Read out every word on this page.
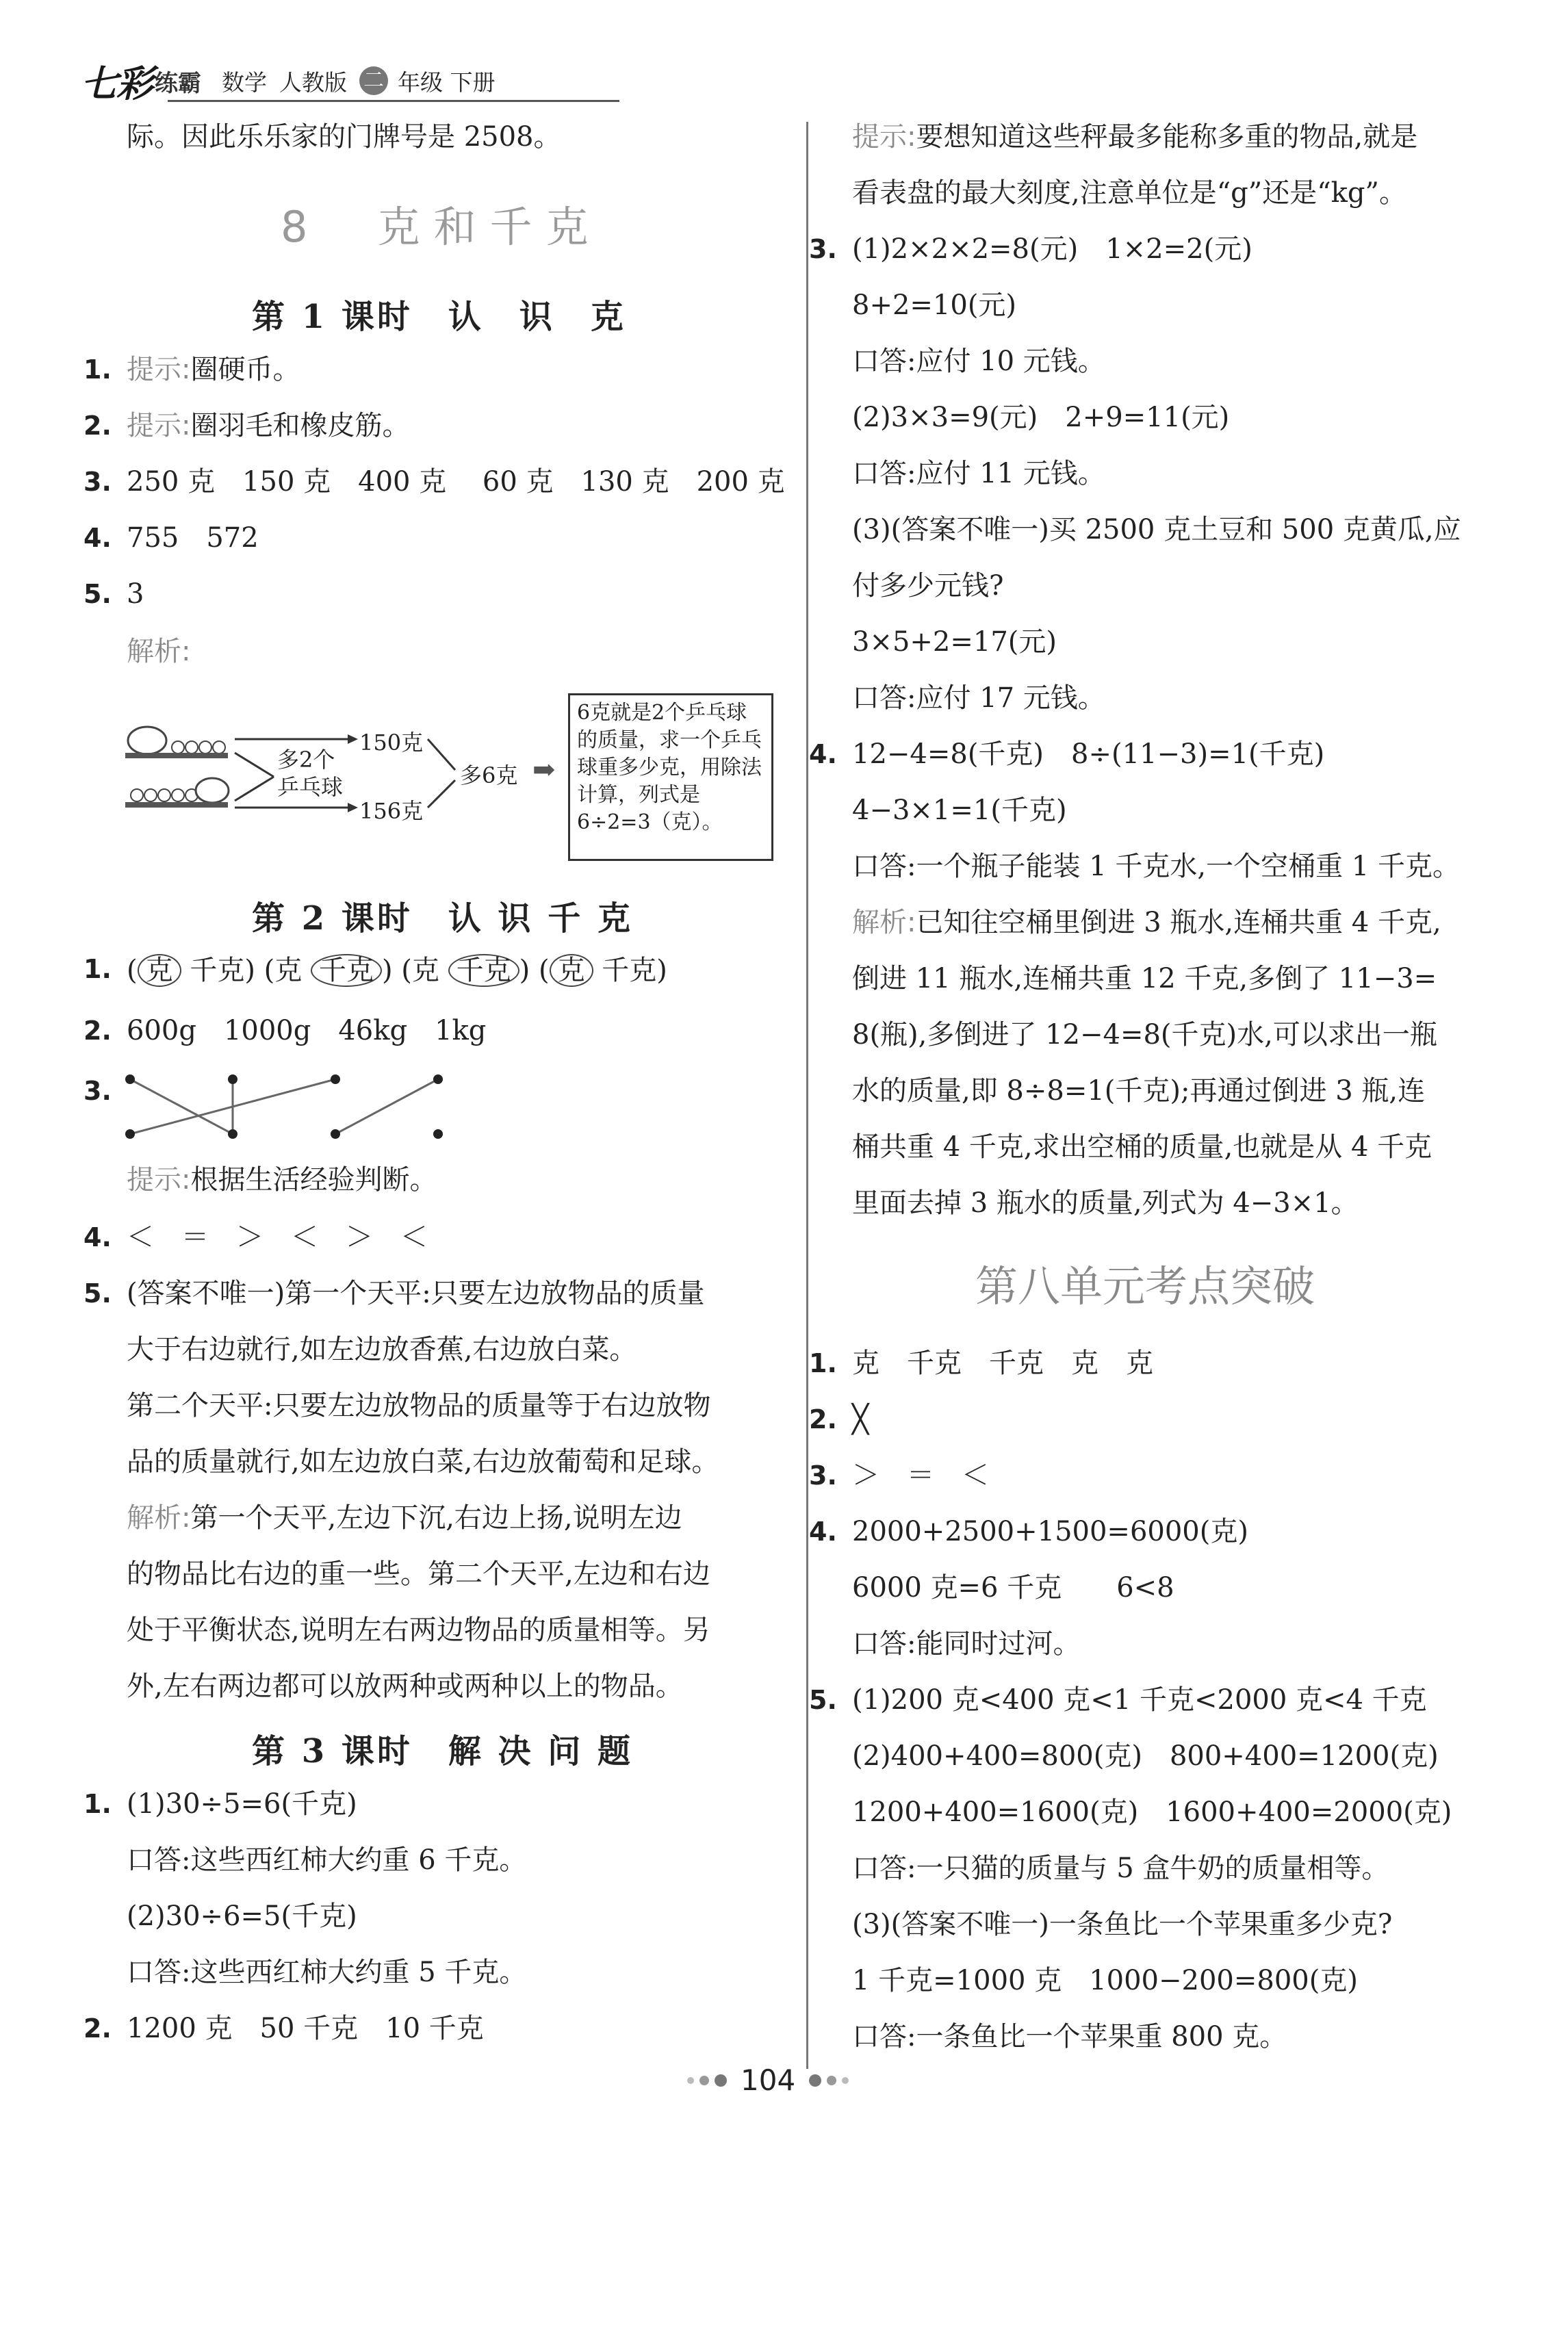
七彩 练霸 数学 人教版 二 年级 下册
际。因此乐乐家的门牌号是 2508。
8　克和千克
第 1 课时　认　识　克
1. 提示:圈硬币。
2. 提示:圈羽毛和橡皮筋。
3. 250 克　150 克　400 克　 60 克　130 克　200 克
4. 755　572
5. 3
解析:
150克
156克
多2个
乒乓球	多6克 ➡
6克就是2个乒乓球的质量，求一个乒乓球重多少克，用除法计算，列式是6÷2=3（克）。
第 2 课时　认 识 千 克
1. ( 克 千克) (克 千克 ) (克 千克 ) ( 克 千克)
2. 600g　1000g　46kg　1kg
3.
提示:根据生活经验判断。
4. ＜　＝　＞　＜　＞　＜
5. (答案不唯一)第一个天平:只要左边放物品的质量
大于右边就行,如左边放香蕉,右边放白菜。
第二个天平:只要左边放物品的质量等于右边放物
品的质量就行,如左边放白菜,右边放葡萄和足球。
解析:第一个天平,左边下沉,右边上扬,说明左边
的物品比右边的重一些。第二个天平,左边和右边
处于平衡状态,说明左右两边物品的质量相等。另
外,左右两边都可以放两种或两种以上的物品。
第 3 课时　解 决 问 题
1. (1)30÷5=6(千克)
口答:这些西红柿大约重 6 千克。
(2)30÷6=5(千克)
口答:这些西红柿大约重 5 千克。
2. 1200 克　50 千克　10 千克
提示:要想知道这些秤最多能称多重的物品,就是
看表盘的最大刻度,注意单位是“g”还是“kg”。
3. (1)2×2×2=8(元)　1×2=2(元)
8+2=10(元)
口答:应付 10 元钱。
(2)3×3=9(元)　2+9=11(元)
口答:应付 11 元钱。
(3)(答案不唯一)买 2500 克土豆和 500 克黄瓜,应
付多少元钱?
3×5+2=17(元)
口答:应付 17 元钱。
4. 12−4=8(千克)　8÷(11−3)=1(千克)
4−3×1=1(千克)
口答:一个瓶子能装 1 千克水,一个空桶重 1 千克。
解析:已知往空桶里倒进 3 瓶水,连桶共重 4 千克,
倒进 11 瓶水,连桶共重 12 千克,多倒了 11−3=
8(瓶),多倒进了 12−4=8(千克)水,可以求出一瓶
水的质量,即 8÷8=1(千克);再通过倒进 3 瓶,连
桶共重 4 千克,求出空桶的质量,也就是从 4 千克
里面去掉 3 瓶水的质量,列式为 4−3×1。
第八单元考点突破
1. 克　千克　千克　克　克
2. ╳
3. ＞　＝　＜
4. 2000+2500+1500=6000(克)
6000 克=6 千克　　6<8
口答:能同时过河。
5. (1)200 克<400 克<1 千克<2000 克<4 千克
(2)400+400=800(克)　800+400=1200(克)
1200+400=1600(克)　1600+400=2000(克)
口答:一只猫的质量与 5 盒牛奶的质量相等。
(3)(答案不唯一)一条鱼比一个苹果重多少克?
1 千克=1000 克　1000−200=800(克)
口答:一条鱼比一个苹果重 800 克。
104
